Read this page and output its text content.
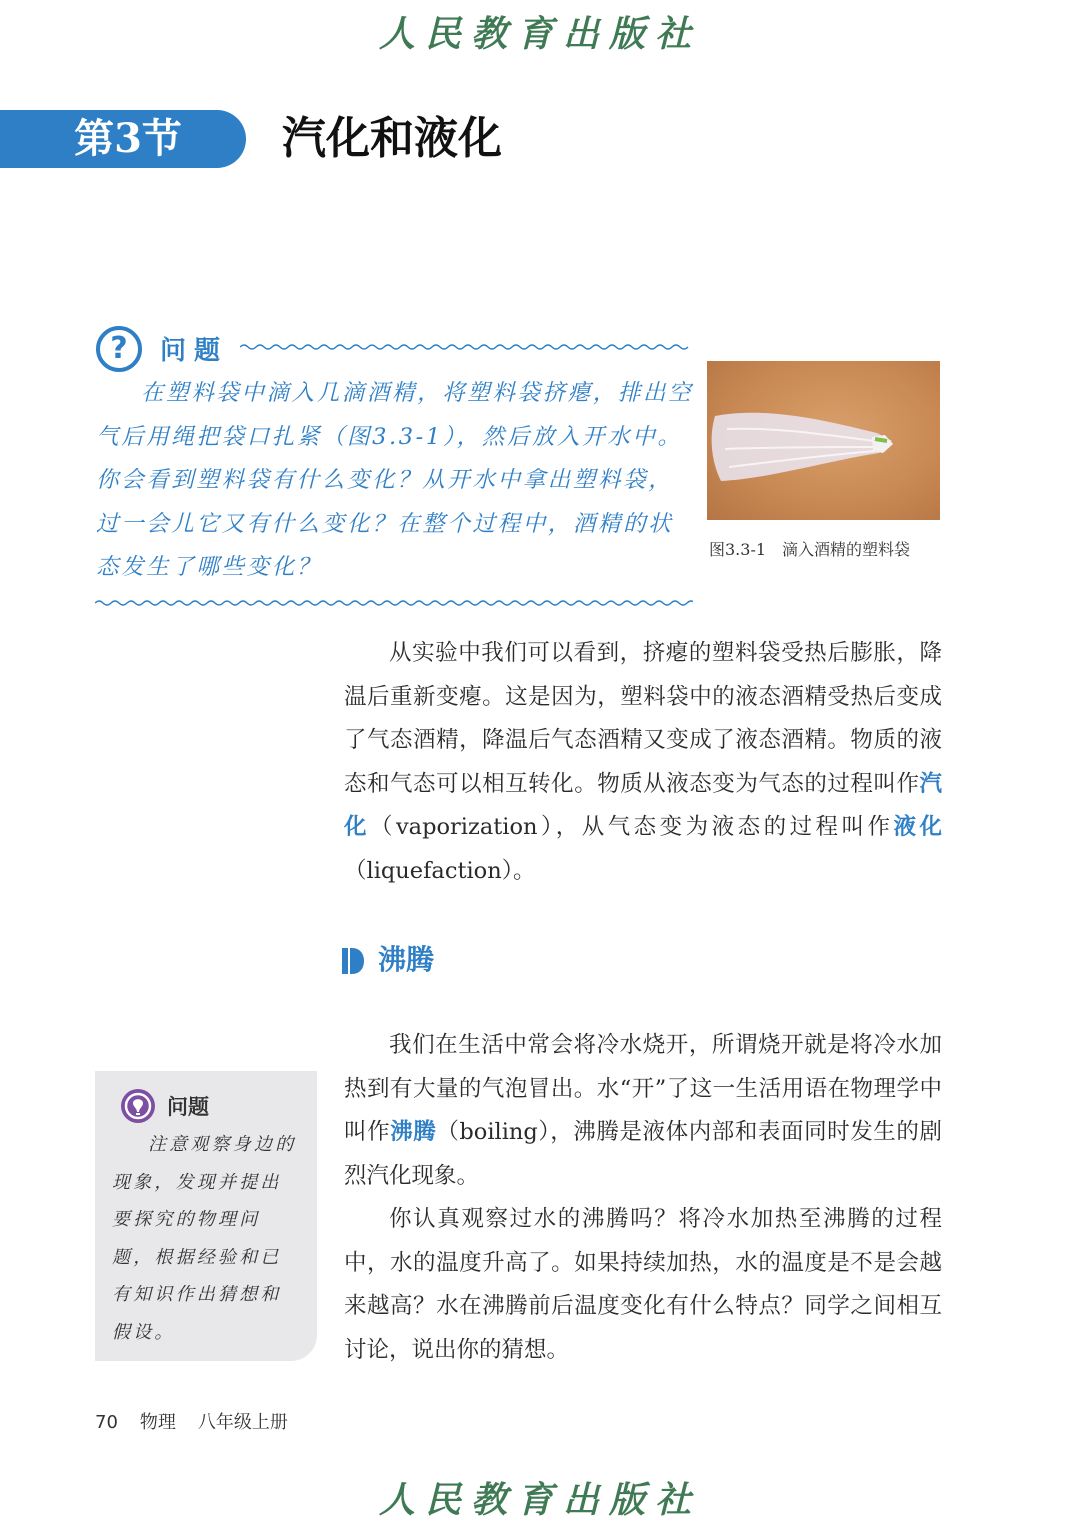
人民教育出版社
第3节	汽化和液化
?	问题
在塑料袋中滴入几滴酒精，将塑料袋挤瘪，排出空气后用绳把袋口扎紧（图3.3-1），然后放入开水中。你会看到塑料袋有什么变化？从开水中拿出塑料袋，过一会儿它又有什么变化？在整个过程中，酒精的状态发生了哪些变化？
图3.3-1 滴入酒精的塑料袋

从实验中我们可以看到，挤瘪的塑料袋受热后膨胀，降温后重新变瘪。这是因为，塑料袋中的液态酒精受热后变成了气态酒精，降温后气态酒精又变成了液态酒精。物质的液态和气态可以相互转化。物质从液态变为气态的过程叫作汽化（vaporization），从气态变为液态的过程叫作液化（liquefaction）。

沸腾

我们在生活中常会将冷水烧开，所谓烧开就是将冷水加热到有大量的气泡冒出。水“开”了这一生活用语在物理学中叫作沸腾（boiling），沸腾是液体内部和表面同时发生的剧烈汽化现象。

你认真观察过水的沸腾吗？将冷水加热至沸腾的过程中，水的温度升高了。如果持续加热，水的温度是不是会越来越高？水在沸腾前后温度变化有什么特点？同学之间相互讨论，说出你的猜想。

问题
注意观察身边的现象，发现并提出要探究的物理问题，根据经验和已有知识作出猜想和假设。
70 物理 八年级上册
人民教育出版社
